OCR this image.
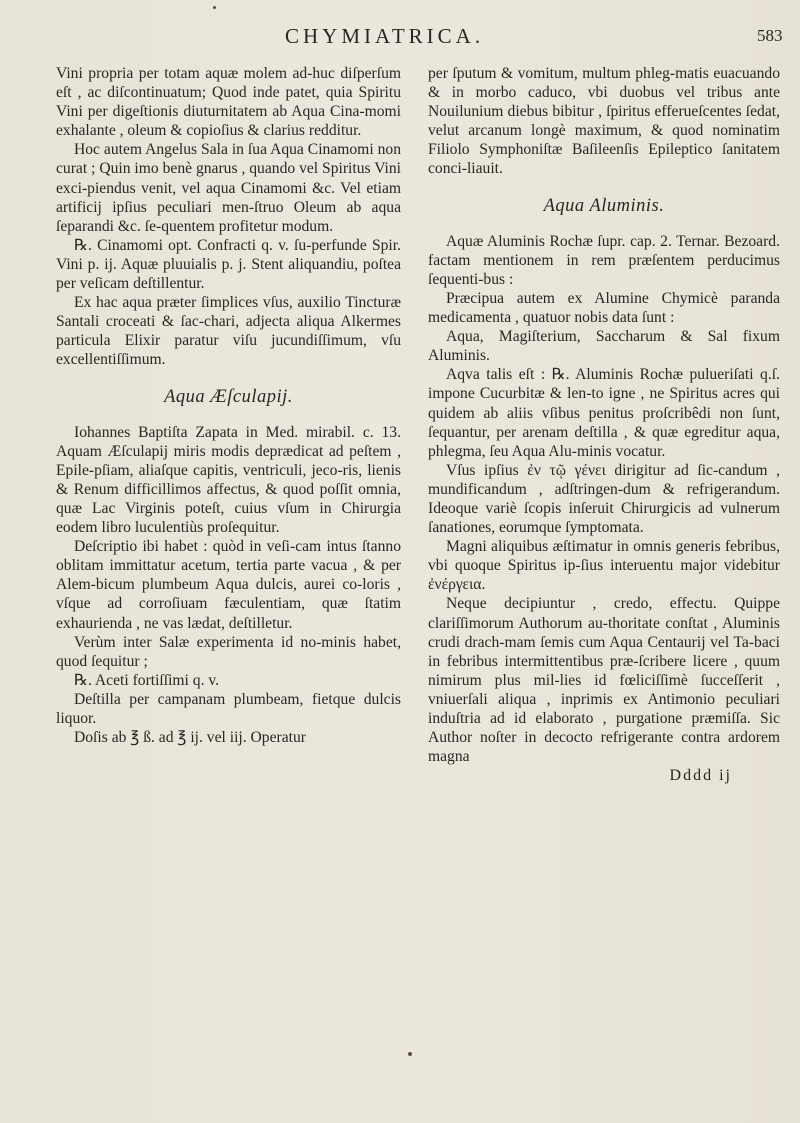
CHYMIATRICA.	583

Vini propria per totam aquæ molem ad-huc diſperſum eſt , ac diſcontinuatum; Quod inde patet, quia Spiritu Vini per digeſtionis diuturnitatem ab Aqua Cina-momi exhalante , oleum & copioſius & clarius redditur.

Hoc autem Angelus Sala in ſua Aqua Cinamomi non curat ; Quin imo benè gnarus , quando vel Spiritus Vini exci-piendus venit, vel aqua Cinamomi &c. Vel etiam artificij ipſius peculiari men-ſtruo Oleum ab aqua ſeparandi &c. ſe-quentem profitetur modum.

℞. Cinamomi opt. Confracti q. v. ſu-perfunde Spir. Vini p. ij. Aquæ pluuialis p. j. Stent aliquandiu, poſtea per veſicam deſtillentur.

Ex hac aqua præter ſimplices vſus, auxilio Tincturæ Santali croceati & ſac-chari, adjecta aliqua Alkermes particula Elixir paratur viſu jucundiſſimum, vſu excellentiſſimum.

Aqua Æſculapij.

Iohannes Baptiſta Zapata in Med. mirabil. c. 13. Aquam Æſculapij miris modis deprædicat ad peſtem , Epile-pſiam, aliaſque capitis, ventriculi, jeco-ris, lienis & Renum difficillimos affectus, & quod poſſit omnia, quæ Lac Virginis poteſt, cuius vſum in Chirurgia eodem libro luculentiùs proſequitur.

Deſcriptio ibi habet : quòd in veſi-cam intus ſtanno oblitam immittatur acetum, tertia parte vacua , & per Alem-bicum plumbeum Aqua dulcis, aurei co-loris , vſque ad corroſiuam fæculentiam, quæ ſtatim exhaurienda , ne vas lædat, deſtilletur.

Verùm inter Salæ experimenta id no-minis habet, quod ſequitur ;

℞. Aceti fortiſſimi q. v.

Deſtilla per campanam plumbeam, fietque dulcis liquor.

Doſis ab ℥ ß. ad ℥ ij. vel iij. Operatur

per ſputum & vomitum, multum phleg-matis euacuando & in morbo caduco, vbi duobus vel tribus ante Nouilunium diebus bibitur , ſpiritus efferueſcentes ſedat, velut arcanum longè maximum, & quod nominatim Filiolo Symphoniſtæ Baſileenſis Epileptico ſanitatem conci-liauit.

Aqua Aluminis.

Aquæ Aluminis Rochæ ſupr. cap. 2. Ternar. Bezoard. factam mentionem in rem præſentem perducimus ſequenti-bus :

Præcipua autem ex Alumine Chymicè paranda medicamenta , quatuor nobis data ſunt :

Aqua, Magiſterium, Saccharum & Sal fixum Aluminis.

Aqva talis eſt : ℞. Aluminis Rochæ pulueriſati q.ſ. impone Cucurbitæ & len-to igne , ne Spiritus acres qui quidem ab aliis vſibus penitus proſcribêdi non ſunt, ſequantur, per arenam deſtilla , & quæ egreditur aqua, phlegma, ſeu Aqua Alu-minis vocatur.

Vſus ipſius ἐν τῷ γένει dirigitur ad ſic-candum , mundificandum , adſtringen-dum & refrigerandum. Ideoque variè ſcopis inſeruit Chirurgicis ad vulnerum ſanationes, eorumque ſymptomata.

Magni aliquibus æſtimatur in omnis generis febribus, vbi quoque Spiritus ip-ſius interuentu major videbitur ἐνέργεια.

Neque decipiuntur , credo, effectu. Quippe clariſſimorum Authorum au-thoritate conſtat , Aluminis crudi drach-mam ſemis cum Aqua Centaurij vel Ta-baci in febribus intermittentibus præ-ſcribere licere , quum nimirum plus mil-lies id fœliciſſimè ſucceſſerit , vniuerſali aliqua , inprimis ex Antimonio peculiari induſtria ad id elaborato , purgatione præmiſſa. Sic Author noſter in decocto refrigerante contra ardorem magna

Dddd ij
